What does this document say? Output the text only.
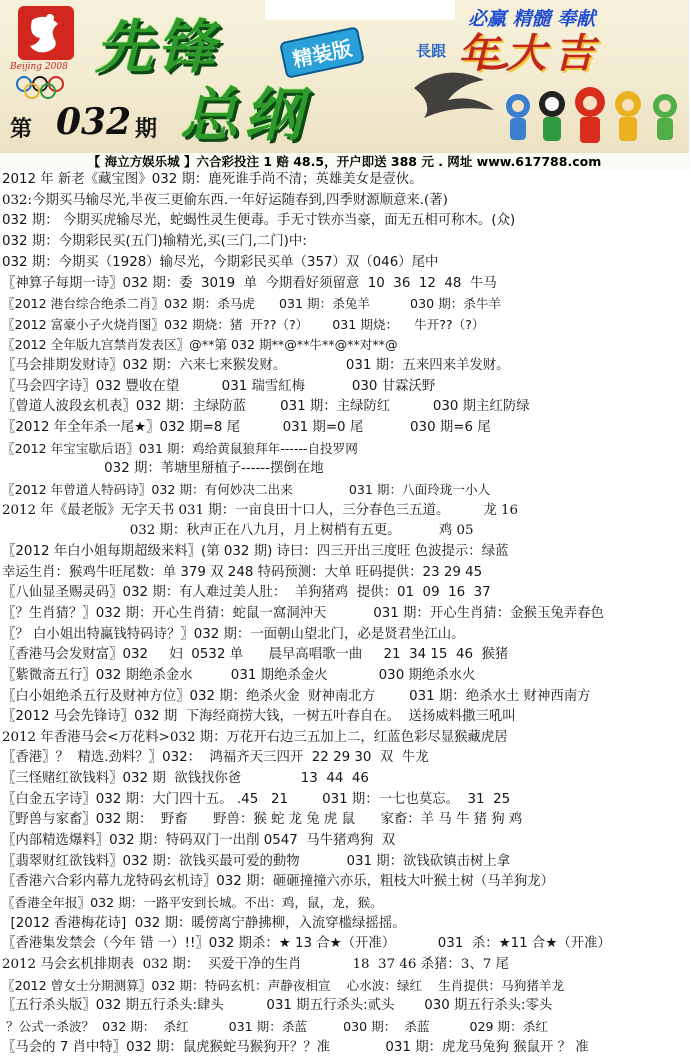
Beijing 2008 先锋
总纲
精装版
必赢 精髓 奉献
年大吉
長跟
第 032 期
【 海立方娱乐城 】六合彩投注 1 赔 48.5，开户即送 388 元 . 网址 www.617788.com
2012 年 新老《藏宝图》032 期：鹿死谁手尚不清；英雄美女是壹伙。
032:今期买马输尽光,半夜三更偷东西.一年好运随春到,四季财源顺意来.(著)
032 期： 今期买虎输尽光，蛇蝎性灵生便毒。手无寸铁亦当豪，面无五相可称木。(众)
032 期：今期彩民买(五门)输精光,买(三门,二门)中:
032 期：今期买（1928）输尽光，今期彩民买单（357）双（046）尾中
〖神算子每期一诗〗032 期：委  3019  单  今期看好须留意  10  36  12  48  牛马
〖2012 港台综合绝杀二肖〗032 期：杀马虎      031 期：杀兔羊          030 期：杀牛羊
〖2012 富豪小子火烧肖图〗032 期烧：猪  开??（?）      031 期烧：    牛开??（?）
〖2012 全年版九宫禁肖发表区〗@**第 032 期**@**牛**@**对**@
〖马会排期发财诗〗032 期：六来七来猴发财。              031 期：五来四来羊发财。
〖马会四字诗〗032 豐收在望          031 瑞雪紅梅           030 甘霖沃野
〖曾道人波段玄机表〗032 期：主绿防蓝        031 期：主绿防红          030 期主红防绿
〖2012 年全年杀一尾★〗032 期=8 尾          031 期=0 尾           030 期=6 尾
〖2012 年宝宝歇后语〗031 期：鸡给黄鼠狼拜年------自投罗网
032 期：苇塘里掰植子------摆倒在地
〖2012 年曾道人特码诗〗032 期：有何妙决二出来              031 期：八面玲珑一小人
2012 年《最老版》无字天书 031 期：一亩良田十口人，三分春色三五道。        龙 16
032 期：秋声正在八九月，月上树梢有五更。         鸡 05
〖2012 年白小姐每期超级来料〗(第 032 期) 诗曰：四三开出三度旺 色波提示：绿蓝
幸运生肖：猴鸡牛旺尾数：单 379 双 248 特码预测：大单 旺码提供：23 29 45
〖八仙显圣赐灵码〗032 期：有人难过美人肚：  羊狗猪鸡  提供：01  09  16  37
〖？生肖猜？〗032 期：开心生肖猜：蛇鼠一窩洞沖天           031 期：开心生肖猜：金猴玉兔弄春色
〖？ 白小姐出特赢钱特码诗？〗032 期：一面朝山望北门，必是贤君坐江山。
〖香港马会发财富〗032     妇  0532 单      晨早高唱歌一曲     21  34 15  46  猴猪
〖紫微斋五行〗032 期绝杀金水         031 期绝杀金火            030 期绝杀水火
〖白小姐绝杀五行及财神方位〗032 期：绝杀火金  财神南北方        031 期：绝杀水土 财神西南方
〖2012 马会先锋诗〗032 期  下海经商捞大钱，一树五叶春自在。  送扬威料撒三吼叫
2012 年香港马会<万花料>032 期：万花开右边三五加上二，红蓝色彩尽显猴藏虎居
〖香港〗？  精选.劲料？〗032：  鸿福齐天三四开  22 29 30  双  牛龙
〖三怪赌红欲钱料〗032 期  欲钱找你爸              13  44  46
〖白金五字诗〗032 期：大门四十五。 .45   21        031 期：一七也莫忘。  31  25
〖野兽与家畜〗032 期：  野畜      野兽：猴 蛇 龙 兔 虎 鼠      家畜：羊 马 牛 猪 狗 鸡
〖内部精选爆料〗032 期：特码双门一出削 0547  马牛猪鸡狗  双
〖翡翠财红欲钱料〗032 期：欲钱买最可爱的動物           031 期：欲钱砍镇击树上拿
〖香港六合彩内幕九龙特码玄机诗〗032 期：砸砸撞撞六亦乐，粗枝大叶猴土树（马羊狗龙）
〖香港全年报〗032 期：一路平安到长城。不出：鸡，鼠，龙，猴。
[2012 香港梅花诗]  032 期：暖傍离宁静拂柳，入流穿槛绿摇摇。
〖香港集发禁会（今年 错 一）!!〗032 期杀：★ 13 合★（开准）          031  杀：★11 合★（开准）
2012 马会玄机排期表  032 期：  买爱干净的生肖            18  37 46 杀猪：3、7 尾
〖2012 曾女士分期测算〗032 期：特码玄机：声静夜相宣    心水波：绿红    生肖提供：马狗猪羊龙
〖五行杀头版〗032 期五行杀头:肆头          031 期五行杀头:贰头       030 期五行杀头:零头
？公式一杀波？  032 期：  杀红          031 期：杀蓝         030 期：  杀蓝          029 期：杀红
〖马会的 7 肖中特〗032 期：鼠虎猴蛇马猴狗开？？准             031 期：虎龙马兔狗 猴鼠开 ？ 准
